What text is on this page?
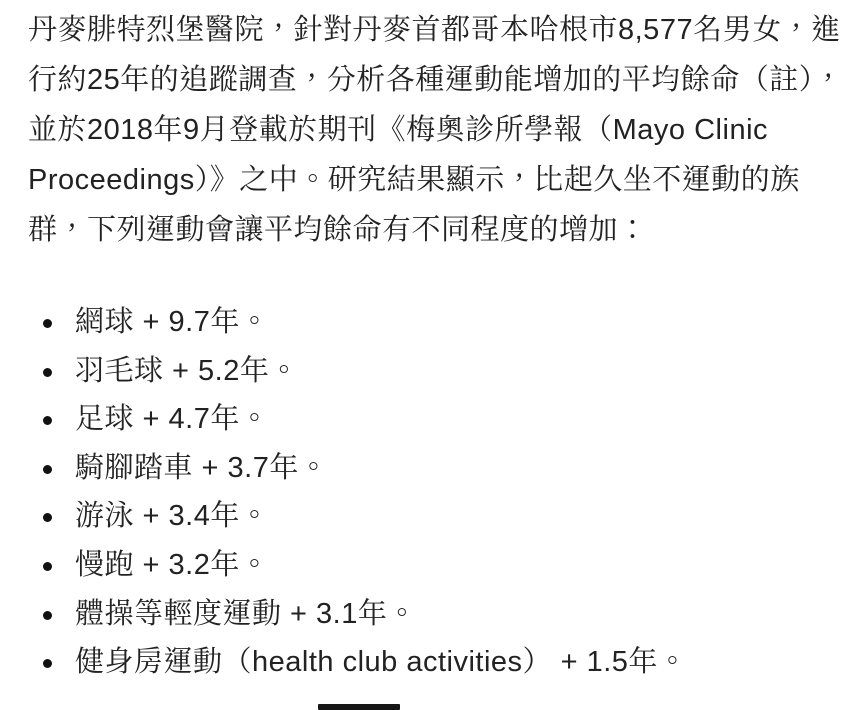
丹麥腓特烈堡醫院，針對丹麥首都哥本哈根市8,577名男女，進
行約25年的追蹤調查，分析各種運動能增加的平均餘命（註），
並於2018年9月登載於期刊《梅奧診所學報（Mayo Clinic
Proceedings）》之中。研究結果顯示，比起久坐不運動的族
群，下列運動會讓平均餘命有不同程度的增加：
網球 + 9.7年。
羽毛球 + 5.2年。
足球 + 4.7年。
騎腳踏車 + 3.7年。
游泳 + 3.4年。
慢跑 + 3.2年。
體操等輕度運動 + 3.1年。
健身房運動（health club activities） + 1.5年。
